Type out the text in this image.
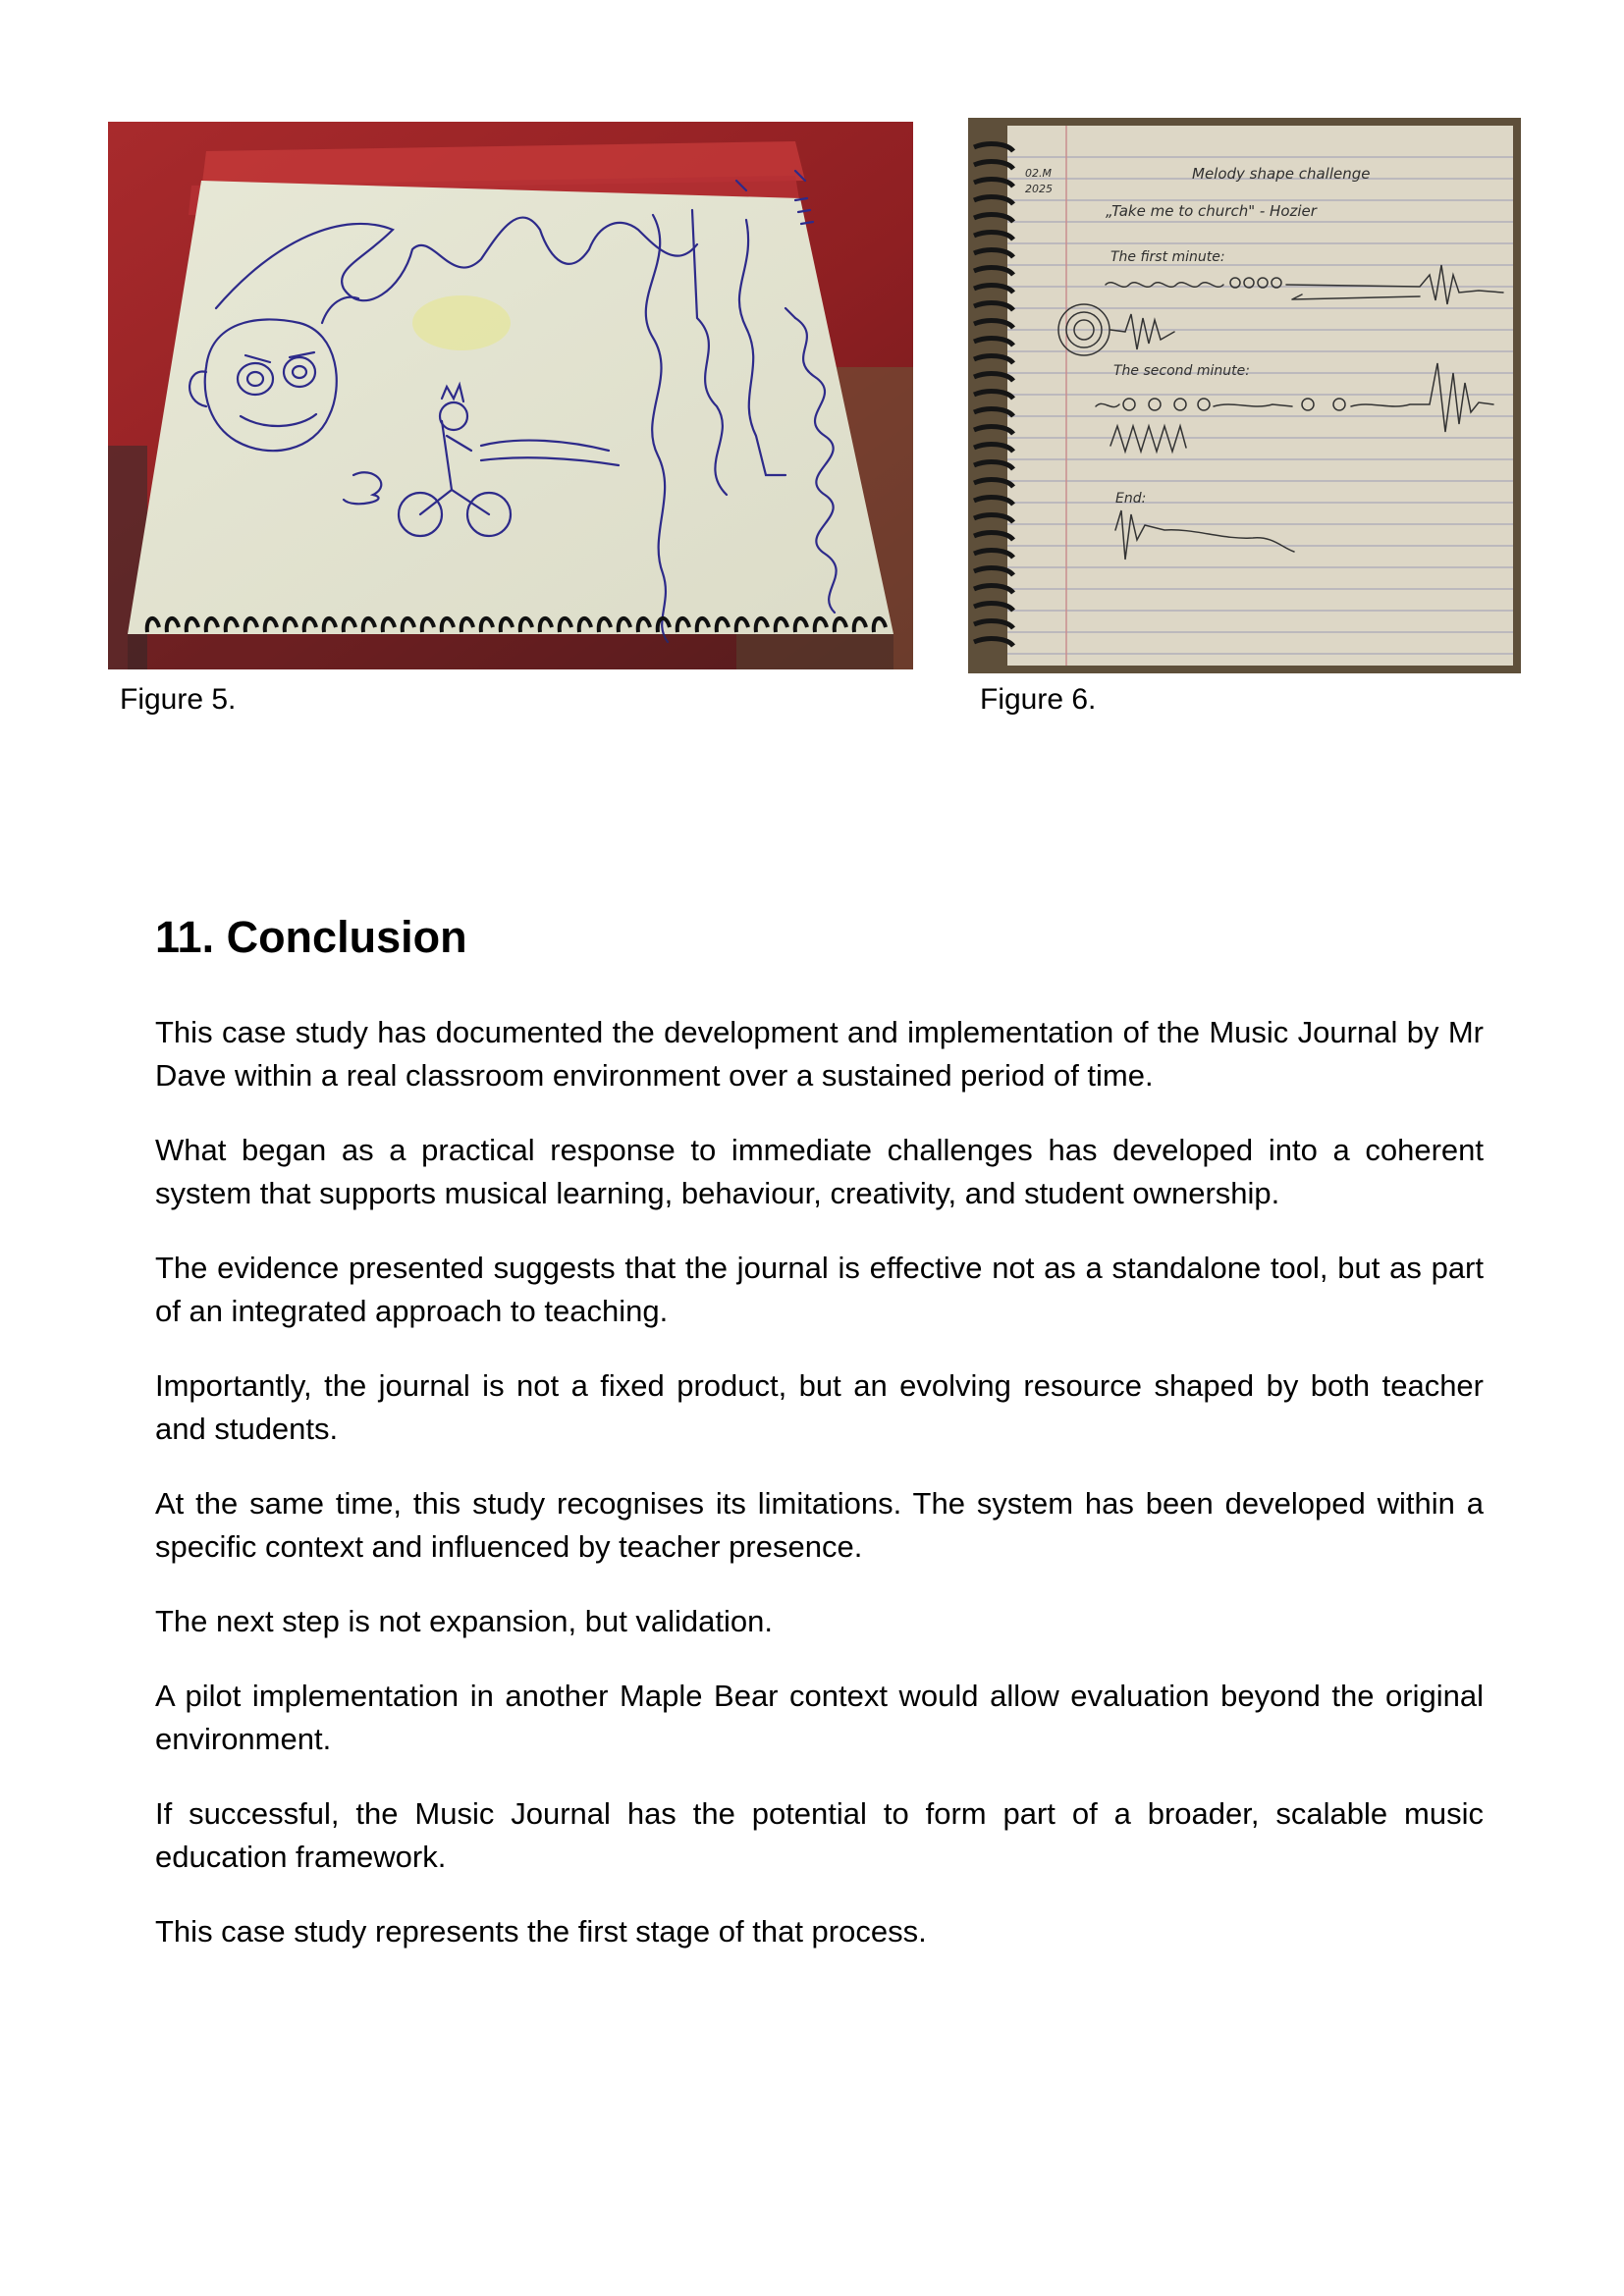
Figure 5.
02.M
2025
Melody shape challenge
„Take me to church" - Hozier
The first minute:
The second minute:
End:
Figure 6.
11. Conclusion

This case study has documented the development and implementation of the Music Journal by Mr Dave within a real classroom environment over a sustained period of time.

What began as a practical response to immediate challenges has developed into a coherent system that supports musical learning, behaviour, creativity, and student ownership.

The evidence presented suggests that the journal is effective not as a standalone tool, but as part of an integrated approach to teaching.

Importantly, the journal is not a fixed product, but an evolving resource shaped by both teacher and students.

At the same time, this study recognises its limitations. The system has been developed within a specific context and influenced by teacher presence.

The next step is not expansion, but validation.

A pilot implementation in another Maple Bear context would allow evaluation beyond the original environment.

If successful, the Music Journal has the potential to form part of a broader, scalable music education framework.

This case study represents the first stage of that process.
